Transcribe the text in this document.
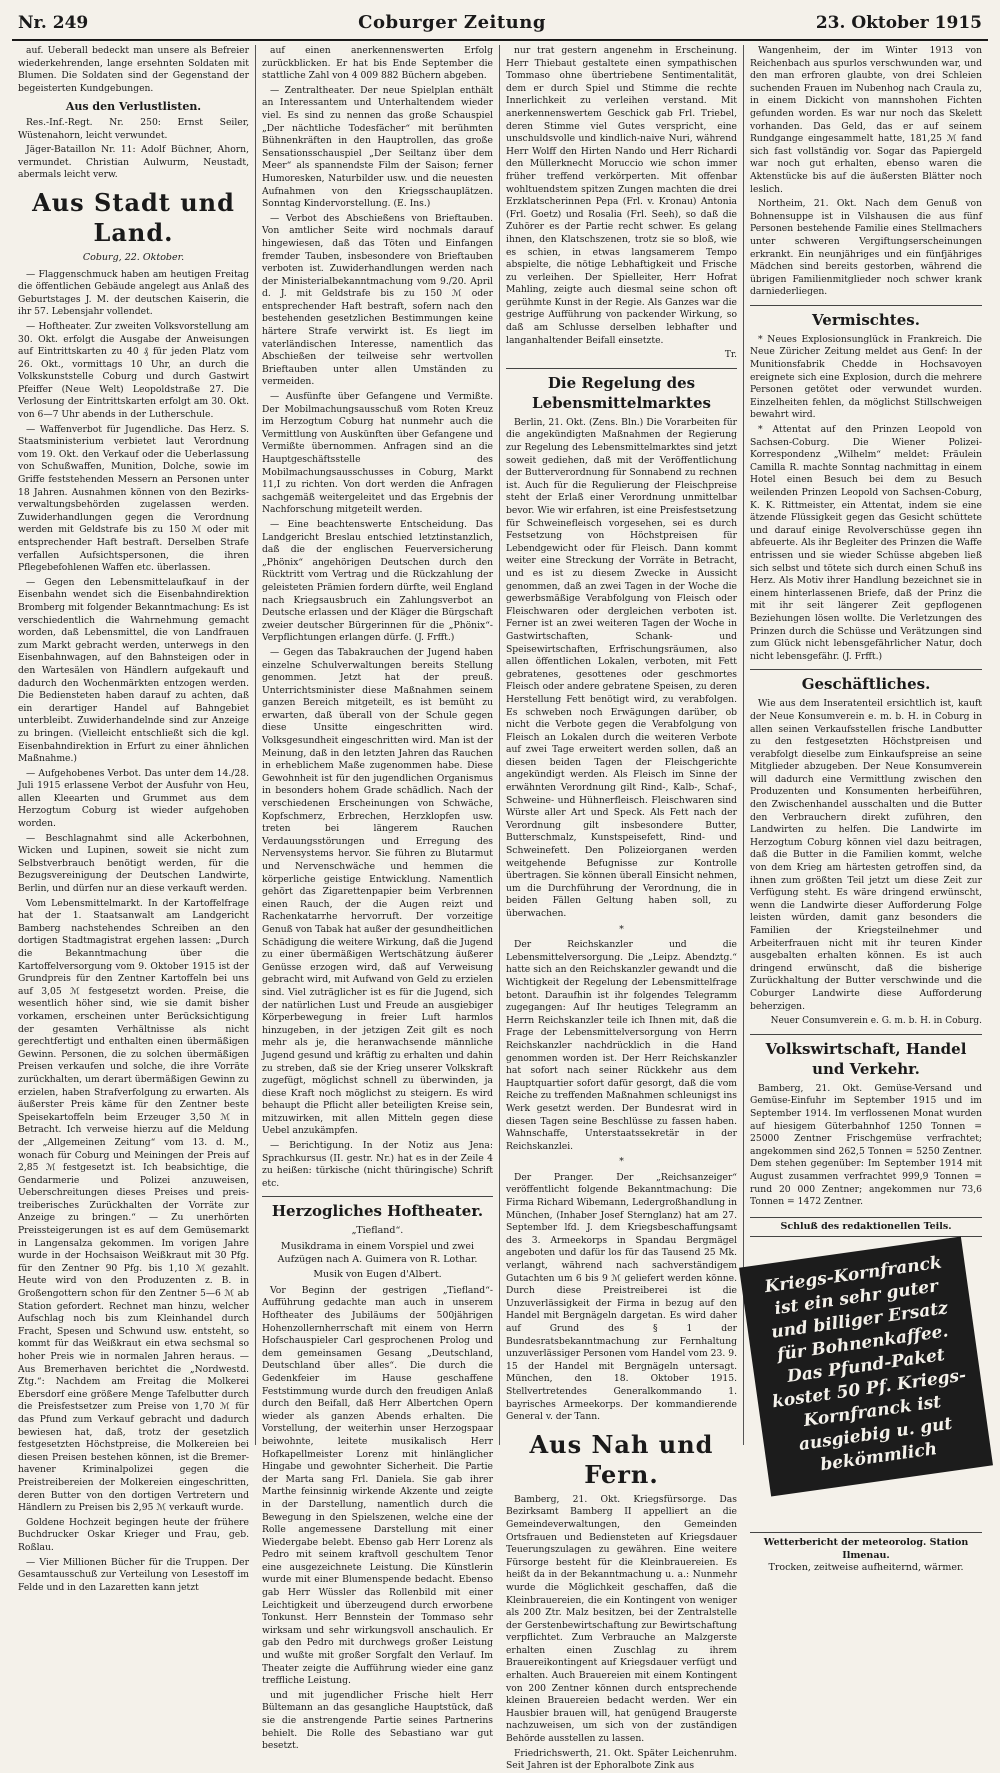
Nr. 249	Coburger Zeitung	23. Oktober 1915

auf. Ueberall bedeckt man unsere als Befreier wiederkehrenden, lange ersehnten Soldaten mit Blumen. Die Soldaten sind der Gegenstand der begeisterten Kundgebungen.

Aus den Verlustlisten.

Res.-Inf.-Regt. Nr. 250: Ernst Seiler, Wüstenahorn, leicht verwundet.

Jäger-Bataillon Nr. 11: Adolf Büchner, Ahorn, vermundet. Christian Aulwurm, Neustadt, abermals leicht verw.

Aus Stadt und Land.
Coburg, 22. Oktober.

— Flaggenschmuck haben am heutigen Freitag die öffentlichen Gebäude angelegt aus Anlaß des Geburtstages J. M. der deutschen Kaiserin, die ihr 57. Lebensjahr vollendet.

— Hoftheater. Zur zweiten Volksvorstellung am 30. Okt. erfolgt die Ausgabe der Anweisungen auf Eintrittskarten zu 40 ₰ für jeden Platz vom 26. Okt., vormittags 10 Uhr, an durch die Volkskunststelle Coburg und durch Gastwirt Pfeiffer (Neue Welt) Leopoldstraße 27. Die Verlosung der Eintrittskarten erfolgt am 30. Okt. von 6—7 Uhr abends in der Lutherschule.

— Waffenverbot für Jugendliche. Das Herz. S. Staatsministerium verbietet laut Verordnung vom 19. Okt. den Verkauf oder die Ueberlassung von Schußwaffen, Munition, Dolche, sowie im Griffe feststehenden Messern an Personen unter 18 Jahren. Ausnahmen können von den Bezirksverwaltungsbehörden zugelassen werden. Zuwiderhandlungen gegen die Verordnung werden mit Geldstrafe bis zu 150 ℳ oder mit entsprechender Haft bestraft. Derselben Strafe verfallen Aufsichtspersonen, die ihren Pflegebefohlenen Waffen etc. überlassen.

— Gegen den Lebensmittelaufkauf in der Eisenbahn wendet sich die Eisenbahndirektion Bromberg mit folgender Bekanntmachung: Es ist verschiedentlich die Wahrnehmung gemacht worden, daß Lebensmittel, die von Landfrauen zum Markt gebracht werden, unterwegs in den Eisenbahnwagen, auf den Bahnsteigen oder in den Wartesälen von Händlern aufgekauft und dadurch den Wochenmärkten entzogen werden. Die Bediensteten haben darauf zu achten, daß ein derartiger Handel auf Bahngebiet unterbleibt. Zuwiderhandelnde sind zur Anzeige zu bringen. (Vielleicht entschließt sich die kgl. Eisenbahndirektion in Erfurt zu einer ähnlichen Maßnahme.)

— Aufgehobenes Verbot. Das unter dem 14./28. Juli 1915 erlassene Verbot der Ausfuhr von Heu, allen Kleearten und Grummet aus dem Herzogtum Coburg ist wieder aufgehoben worden.

— Beschlagnahmt sind alle Ackerbohnen, Wicken und Lupinen, soweit sie nicht zum Selbstverbrauch benötigt werden, für die Bezugsvereinigung der Deutschen Landwirte, Berlin, und dürfen nur an diese verkauft werden.

Vom Lebensmittelmarkt. In der Kartoffelfrage hat der 1. Staatsanwalt am Landgericht Bamberg nachstehendes Schreiben an den dortigen Stadtmagistrat ergehen lassen: „Durch die Bekanntmachung über die Kartoffelversorgung vom 9. Oktober 1915 ist der Grundpreis für den Zentner Kartoffeln bei uns auf 3,05 ℳ festgesetzt worden. Preise, die wesentlich höher sind, wie sie damit bisher vorkamen, erscheinen unter Berücksichtigung der gesamten Verhältnisse als nicht gerechtfertigt und enthalten einen übermäßigen Gewinn. Personen, die zu solchen übermäßigen Preisen verkaufen und solche, die ihre Vorräte zurückhalten, um derart übermäßigen Gewinn zu erzielen, haben Strafverfolgung zu erwarten. Als äußerster Preis käme für den Zentner beste Speisekartoffeln beim Erzeuger 3,50 ℳ in Betracht. Ich verweise hierzu auf die Meldung der „Allgemeinen Zeitung“ vom 13. d. M., wonach für Coburg und Meiningen der Preis auf 2,85 ℳ festgesetzt ist. Ich beabsichtige, die Gendarmerie und Polizei anzuweisen, Ueberschreitungen dieses Preises und preistreiberisches Zurückhalten der Vorräte zur Anzeige zu bringen.“ — Zu unerhörten Preissteigerungen ist es auf dem Gemüsemarkt in Langensalza gekommen. Im vorigen Jahre wurde in der Hochsaison Weißkraut mit 30 Pfg. für den Zentner 90 Pfg. bis 1,10 ℳ gezahlt. Heute wird von den Produzenten z. B. in Großengottern schon für den Zentner 5—6 ℳ ab Station gefordert. Rechnet man hinzu, welcher Aufschlag noch bis zum Kleinhandel durch Fracht, Spesen und Schwund usw. entsteht, so kommt für das Weißkraut ein etwa sechsmal so hoher Preis wie in normalen Jahren heraus. — Aus Bremerhaven berichtet die „Nordwestd. Ztg.“: Nachdem am Freitag die Molkerei Ebersdorf eine größere Menge Tafelbutter durch die Preisfestsetzer zum Preise von 1,70 ℳ für das Pfund zum Verkauf gebracht und dadurch bewiesen hat, daß, trotz der gesetzlich festgesetzten Höchstpreise, die Molkereien bei diesen Preisen bestehen können, ist die Bremerhavener Kriminalpolizei gegen die Preistreibereien der Molkereien eingeschritten, deren Butter von den dortigen Vertretern und Händlern zu Preisen bis 2,95 ℳ verkauft wurde.

Goldene Hochzeit begingen heute der frühere Buchdrucker Oskar Krieger und Frau, geb. Roßlau.

— Vier Millionen Bücher für die Truppen. Der Gesamtausschuß zur Verteilung von Lesestoff im Felde und in den Lazaretten kann jetzt

auf einen anerkennenswerten Erfolg zurückblicken. Er hat bis Ende September die stattliche Zahl von 4 009 882 Büchern abgeben.

— Zentraltheater. Der neue Spielplan enthält an Interessantem und Unterhaltendem wieder viel. Es sind zu nennen das große Schauspiel „Der nächtliche Todesfächer“ mit berühmten Bühnenkräften in den Hauptrollen, das große Sensationsschauspiel „Der Seiltanz über dem Meer“ als spannendste Film der Saison; ferner Humoresken, Naturbilder usw. und die neuesten Aufnahmen von den Kriegsschauplätzen. Sonntag Kindervorstellung. (E. Ins.)

— Verbot des Abschießens von Brieftauben. Von amtlicher Seite wird nochmals darauf hingewiesen, daß das Töten und Einfangen fremder Tauben, insbesondere von Brieftauben verboten ist. Zuwiderhandlungen werden nach der Ministerialbekanntmachung vom 9./20. April d. J. mit Geldstrafe bis zu 150 ℳ oder entsprechender Haft bestraft, sofern nach den bestehenden gesetzlichen Bestimmungen keine härtere Strafe verwirkt ist. Es liegt im vaterländischen Interesse, namentlich das Abschießen der teilweise sehr wertvollen Brieftauben unter allen Umständen zu vermeiden.

— Ausfünfte über Gefangene und Vermißte. Der Mobilmachungsausschuß vom Roten Kreuz im Herzogtum Coburg hat nunmehr auch die Vermittlung von Auskünften über Gefangene und Vermißte übernommen. Anfragen sind an die Hauptgeschäftsstelle des Mobilmachungsausschusses in Coburg, Markt 11,I zu richten. Von dort werden die Anfragen sachgemäß weitergeleitet und das Ergebnis der Nachforschung mitgeteilt werden.

— Eine beachtenswerte Entscheidung. Das Landgericht Breslau entschied letztinstanzlich, daß die der englischen Feuerversicherung „Phönix“ angehörigen Deutschen durch den Rücktritt vom Vertrag und die Rückzahlung der geleisteten Prämien fordern dürfte, weil England nach Kriegsausbruch ein Zahlungsverbot an Deutsche erlassen und der Kläger die Bürgschaft zweier deutscher Bürgerinnen für die „Phönix“-Verpflichtungen erlangen dürfe. (J. Frfft.)

— Gegen das Tabakrauchen der Jugend haben einzelne Schulverwaltungen bereits Stellung genommen. Jetzt hat der preuß. Unterrichtsminister diese Maßnahmen seinem ganzen Bereich mitgeteilt, es ist bemüht zu erwarten, daß überall von der Schule gegen diese Unsitte eingeschritten wird. Volksgesundheit eingeschritten wird. Man ist der Meinung, daß in den letzten Jahren das Rauchen in erheblichem Maße zugenommen habe. Diese Gewohnheit ist für den jugendlichen Organismus in besonders hohem Grade schädlich. Nach der verschiedenen Erscheinungen von Schwäche, Kopfschmerz, Erbrechen, Herzklopfen usw. treten bei längerem Rauchen Verdauungsstörungen und Erregung des Nervensystems hervor. Sie führen zu Blutarmut und Nervenschwäche und hemmen die körperliche geistige Entwicklung. Namentlich gehört das Zigarettenpapier beim Verbrennen einen Rauch, der die Augen reizt und Rachenkatarrhe hervorruft. Der vorzeitige Genuß von Tabak hat außer der gesundheitlichen Schädigung die weitere Wirkung, daß die Jugend zu einer übermäßigen Wertschätzung äußerer Genüsse erzogen wird, daß auf Verweisung gebracht wird, mit Aufwand von Geld zu erzielen sind. Viel zuträglicher ist es für die Jugend, sich der natürlichen Lust und Freude an ausgiebiger Körperbewegung in freier Luft harmlos hinzugeben, in der jetzigen Zeit gilt es noch mehr als je, die heranwachsende männliche Jugend gesund und kräftig zu erhalten und dahin zu streben, daß sie der Krieg unserer Volkskraft zugefügt, möglichst schnell zu überwinden, ja diese Kraft noch möglichst zu steigern. Es wird behaupt die Pflicht aller beteiligten Kreise sein, mitzuwirken, mit allen Mitteln gegen diese Uebel anzukämpfen.

— Berichtigung. In der Notiz aus Jena: Sprachkursus (II. gestr. Nr.) hat es in der Zeile 4 zu heißen: türkische (nicht thüringische) Schrift etc.

Herzogliches Hoftheater.
„Tiefland“.
Musikdrama in einem Vorspiel und zwei Aufzügen nach A. Guimera von R. Lothar.
Musik von Eugen d'Albert.

Vor Beginn der gestrigen „Tiefland“-Aufführung gedachte man auch in unserem Hoftheater des Jubiläums der 500jährigen Hohenzollernherrschaft mit einem von Herrn Hofschauspieler Carl gesprochenen Prolog und dem gemeinsamen Gesang „Deutschland, Deutschland über alles“. Die durch die Gedenkfeier im Hause geschaffene Feststimmung wurde durch den freudigen Anlaß durch den Beifall, daß Herr Albertchen Opern wieder als ganzen Abends erhalten. Die Vorstellung, der weiterhin unser Herzogspaar beiwohnte, leitete musikalisch Herr Hofkapellmeister Lorenz mit hinlänglicher Hingabe und gewohnter Sicherheit. Die Partie der Marta sang Frl. Daniela. Sie gab ihrer Marthe feinsinnig wirkende Akzente und zeigte in der Darstellung, namentlich durch die Bewegung in den Spielszenen, welche eine der Rolle angemessene Darstellung mit einer Wiedergabe belebt. Ebenso gab Herr Lorenz als Pedro mit seinem kraftvoll geschultem Tenor eine ausgezeichnete Leistung. Die Künstlerin wurde mit einer Blumenspende bedacht. Ebenso gab Herr Wüssler das Rollenbild mit einer Leichtigkeit und überzeugend durch erworbene Tonkunst. Herr Bennstein der Tommaso sehr wirksam und sehr wirkungsvoll anschaulich. Er gab den Pedro mit durchwegs großer Leistung und wußte mit großer Sorgfalt den Verlauf. Im Theater zeigte die Aufführung wieder eine ganz treffliche Leistung.

und mit jugendlicher Frische hielt Herr Bültemann an das gesangliche Hauptstück, daß sie die anstrengende Partie seines Partnerins behielt. Die Rolle des Sebastiano war gut besetzt.

nur trat gestern angenehm in Erscheinung. Herr Thiebaut gestaltete einen sympathischen Tommaso ohne übertriebene Sentimentalität, dem er durch Spiel und Stimme die rechte Innerlichkeit zu verleihen verstand. Mit anerkennenswertem Geschick gab Frl. Triebel, deren Stimme viel Gutes verspricht, eine unschuldsvolle und kindlich-naive Nuri, während Herr Wolff den Hirten Nando und Herr Richardi den Müllerknecht Moruccio wie schon immer früher treffend verkörperten. Mit offenbar wohltuendstem spitzen Zungen machten die drei Erzklatscherinnen Pepa (Frl. v. Kronau) Antonia (Frl. Goetz) und Rosalia (Frl. Seeh), so daß die Zuhörer es der Partie recht schwer. Es gelang ihnen, den Klatschszenen, trotz sie so bloß, wie es schien, in etwas langsamerem Tempo abspielte, die nötige Lebhaftigkeit und Frische zu verleihen. Der Spielleiter, Herr Hofrat Mahling, zeigte auch diesmal seine schon oft gerühmte Kunst in der Regie. Als Ganzes war die gestrige Aufführung von packender Wirkung, so daß am Schlusse derselben lebhafter und langanhaltender Beifall einsetzte.

Tr.
Die Regelung des Lebensmittelmarktes

Berlin, 21. Okt. (Zens. Bln.) Die Vorarbeiten für die angekündigten Maßnahmen der Regierung zur Regelung des Lebensmittelmarktes sind jetzt soweit gediehen, daß mit der Veröffentlichung der Butterverordnung für Sonnabend zu rechnen ist. Auch für die Regulierung der Fleischpreise steht der Erlaß einer Verordnung unmittelbar bevor. Wie wir erfahren, ist eine Preisfestsetzung für Schweinefleisch vorgesehen, sei es durch Festsetzung von Höchstpreisen für Lebendgewicht oder für Fleisch. Dann kommt weiter eine Streckung der Vorräte in Betracht, und es ist zu diesem Zwecke in Aussicht genommen, daß an zwei Tagen in der Woche die gewerbsmäßige Verabfolgung von Fleisch oder Fleischwaren oder dergleichen verboten ist. Ferner ist an zwei weiteren Tagen der Woche in Gastwirtschaften, Schank- und Speisewirtschaften, Erfrischungsräumen, also allen öffentlichen Lokalen, verboten, mit Fett gebratenes, gesottenes oder geschmortes Fleisch oder andere gebratene Speisen, zu deren Herstellung Fett benötigt wird, zu verabfolgen. Es schweben noch Erwägungen darüber, ob nicht die Verbote gegen die Verabfolgung von Fleisch an Lokalen durch die weiteren Verbote auf zwei Tage erweitert werden sollen, daß an diesen beiden Tagen der Fleischgerichte angekündigt werden. Als Fleisch im Sinne der erwähnten Verordnung gilt Rind-, Kalb-, Schaf-, Schweine- und Hühnerfleisch. Fleischwaren sind Würste aller Art und Speck. Als Fett nach der Verordnung gilt insbesondere Butter, Butterschmalz, Kunstspeisefett, Rind- und Schweinefett. Den Polizeiorganen werden weitgehende Befugnisse zur Kontrolle übertragen. Sie können überall Einsicht nehmen, um die Durchführung der Verordnung, die in beiden Fällen Geltung haben soll, zu überwachen.

*

Der Reichskanzler und die Lebensmittelversorgung. Die „Leipz. Abendztg.“ hatte sich an den Reichskanzler gewandt und die Wichtigkeit der Regelung der Lebensmittelfrage betont. Daraufhin ist ihr folgendes Telegramm zugegangen: Auf Ihr heutiges Telegramm an Herrn Reichskanzler teile ich Ihnen mit, daß die Frage der Lebensmittelversorgung von Herrn Reichskanzler nachdrücklich in die Hand genommen worden ist. Der Herr Reichskanzler hat sofort nach seiner Rückkehr aus dem Hauptquartier sofort dafür gesorgt, daß die vom Reiche zu treffenden Maßnahmen schleunigst ins Werk gesetzt werden. Der Bundesrat wird in diesen Tagen seine Beschlüsse zu fassen haben. Wahnschaffe, Unterstaatssekretär in der Reichskanzlei.

*

Der Pranger. Der „Reichsanzeiger“ veröffentlicht folgende Bekanntmachung: Die Firma Richard Wibemann, Ledergroßhandlung in München, (Inhaber Josef Sternglanz) hat am 27. September lfd. J. dem Kriegsbeschaffungsamt des 3. Armeekorps in Spandau Bergmägel angeboten und dafür los für das Tausend 25 Mk. verlangt, während nach sachverständigem Gutachten um 6 bis 9 ℳ geliefert werden könne. Durch diese Preistreiberei ist die Unzuverlässigkeit der Firma in bezug auf den Handel mit Bergnägeln dargetan. Es wird daher auf Grund des § 1 der Bundesratsbekanntmachung zur Fernhaltung unzuverlässiger Personen vom Handel vom 23. 9. 15 der Handel mit Bergnägeln untersagt. München, den 18. Oktober 1915. Stellvertretendes Generalkommando 1. bayrisches Armeekorps. Der kommandierende General v. der Tann.

Aus Nah und Fern.

Bamberg, 21. Okt. Kriegsfürsorge. Das Bezirksamt Bamberg II appelliert an die Gemeindeverwaltungen, den Gemeinden Ortsfrauen und Bediensteten auf Kriegsdauer Teuerungszulagen zu gewähren. Eine weitere Fürsorge besteht für die Kleinbrauereien. Es heißt da in der Bekanntmachung u. a.: Nunmehr wurde die Möglichkeit geschaffen, daß die Kleinbrauereien, die ein Kontingent von weniger als 200 Ztr. Malz besitzen, bei der Zentralstelle der Gerstenbewirtschaftung zur Bewirtschaftung verpflichtet. Zum Verbrauche an Malzgerste erhalten einen Zuschlag zu ihrem Brauereikontingent auf Kriegsdauer verfügt und erhalten. Auch Brauereien mit einem Kontingent von 200 Zentner können durch entsprechende kleinen Brauereien bedacht werden. Wer ein Hausbier brauen will, hat genügend Braugerste nachzuweisen, um sich von der zuständigen Behörde ausstellen zu lassen.

Friedrichswerth, 21. Okt. Später Leichenruhm. Seit Jahren ist der Ephoralbote Zink aus

Wangenheim, der im Winter 1913 von Reichenbach aus spurlos verschwunden war, und den man erfroren glaubte, von drei Schleien suchenden Frauen im Nubenhog nach Craula zu, in einem Dickicht von mannshohen Fichten gefunden worden. Es war nur noch das Skelett vorhanden. Das Geld, das er auf seinem Rundgange eingesammelt hatte, 181,25 ℳ fand sich fast vollständig vor. Sogar das Papiergeld war noch gut erhalten, ebenso waren die Aktenstücke bis auf die äußersten Blätter noch leslich.

Northeim, 21. Okt. Nach dem Genuß von Bohnensuppe ist in Vilshausen die aus fünf Personen bestehende Familie eines Stellmachers unter schweren Vergiftungserscheinungen erkrankt. Ein neunjähriges und ein fünfjähriges Mädchen sind bereits gestorben, während die übrigen Familienmitglieder noch schwer krank darniederliegen.

Vermischtes.

* Neues Explosionsunglück in Frankreich. Die Neue Züricher Zeitung meldet aus Genf: In der Munitionsfabrik Chedde in Hochsavoyen ereignete sich eine Explosion, durch die mehrere Personen getötet oder verwundet wurden. Einzelheiten fehlen, da möglichst Stillschweigen bewahrt wird.

* Attentat auf den Prinzen Leopold von Sachsen-Coburg. Die Wiener Polizei-Korrespondenz „Wilhelm“ meldet: Fräulein Camilla R. machte Sonntag nachmittag in einem Hotel einen Besuch bei dem zu Besuch weilenden Prinzen Leopold von Sachsen-Coburg, K. K. Rittmeister, ein Attentat, indem sie eine ätzende Flüssigkeit gegen das Gesicht schüttete und darauf einige Revolverschüsse gegen ihn abfeuerte. Als ihr Begleiter des Prinzen die Waffe entrissen und sie wieder Schüsse abgeben ließ sich selbst und tötete sich durch einen Schuß ins Herz. Als Motiv ihrer Handlung bezeichnet sie in einem hinterlassenen Briefe, daß der Prinz die mit ihr seit längerer Zeit gepflogenen Beziehungen lösen wollte. Die Verletzungen des Prinzen durch die Schüsse und Verätzungen sind zum Glück nicht lebensgefährlicher Natur, doch nicht lebensgefähr. (J. Frfft.)

Geschäftliches.

Wie aus dem Inseratenteil ersichtlich ist, kauft der Neue Konsumverein e. m. b. H. in Coburg in allen seinen Verkaufsstellen frische Landbutter zu den festgesetzten Höchstpreisen und verabfolgt dieselbe zum Einkaufspreise an seine Mitglieder abzugeben. Der Neue Konsumverein will dadurch eine Vermittlung zwischen den Produzenten und Konsumenten herbeiführen, den Zwischenhandel ausschalten und die Butter den Verbrauchern direkt zuführen, den Landwirten zu helfen. Die Landwirte im Herzogtum Coburg können viel dazu beitragen, daß die Butter in die Familien kommt, welche von dem Krieg am härtesten getroffen sind, da ihnen zum größten Teil jetzt um diese Zeit zur Verfügung steht. Es wäre dringend erwünscht, wenn die Landwirte dieser Aufforderung Folge leisten würden, damit ganz besonders die Familien der Kriegsteilnehmer und Arbeiterfrauen nicht mit ihr teuren Kinder ausgebalten erhalten können. Es ist auch dringend erwünscht, daß die bisherige Zurückhaltung der Butter verschwinde und die Coburger Landwirte diese Aufforderung beherzigen.

Neuer Consumverein e. G. m. b. H. in Coburg.
Volkswirtschaft, Handel und Verkehr.

Bamberg, 21. Okt. Gemüse-Versand und Gemüse-Einfuhr im September 1915 und im September 1914. Im verflossenen Monat wurden auf hiesigem Güterbahnhof 1250 Tonnen = 25000 Zentner Frischgemüse verfrachtet; angekommen sind 262,5 Tonnen = 5250 Zentner. Dem stehen gegenüber: Im September 1914 mit August zusammen verfrachtet 999,9 Tonnen = rund 20 000 Zentner; angekommen nur 73,6 Tonnen = 1472 Zentner.

Schluß des redaktionellen Teils.
Kriegs-Kornfranck ist ein sehr guter und billiger Ersatz für Bohnenkaffee. Das Pfund-Paket kostet 50 Pf. Kriegs-Kornfranck ist ausgiebig u. gut bekömmlich
Wetterbericht der meteorolog. Station Ilmenau.
Trocken, zeitweise aufheiternd, wärmer.
